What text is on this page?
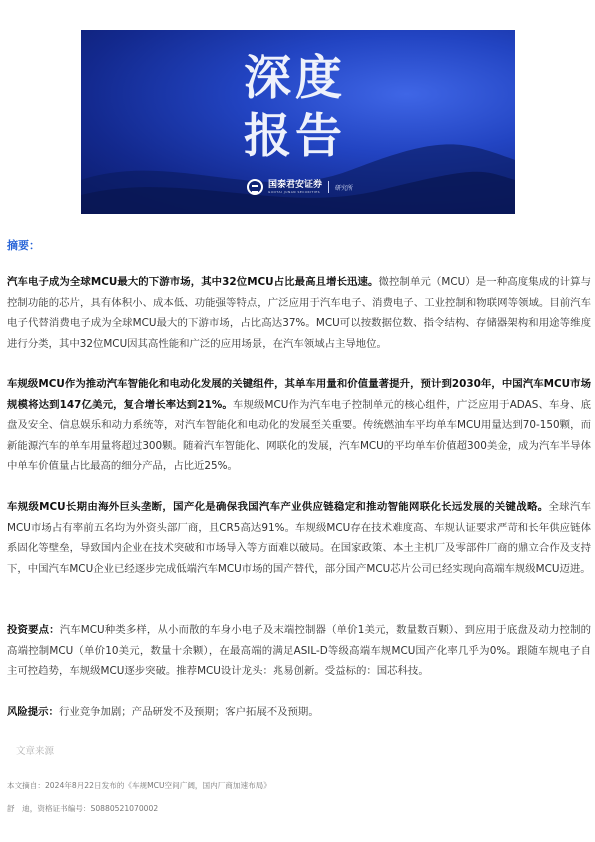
深度
报告
国泰君安证券
GUOTAI JUNAN SECURITIES
研究所
摘要：

汽车电子成为全球MCU最大的下游市场，其中32位MCU占比最高且增长迅速。微控制单元（MCU）是一种高度集成的计算与控制功能的芯片，具有体积小、成本低、功能强等特点，广泛应用于汽车电子、消费电子、工业控制和物联网等领域。目前汽车电子代替消费电子成为全球MCU最大的下游市场，占比高达37%。MCU可以按数据位数、指令结构、存储器架构和用途等维度进行分类，其中32位MCU因其高性能和广泛的应用场景，在汽车领域占主导地位。

车规级MCU作为推动汽车智能化和电动化发展的关键组件，其单车用量和价值量著提升，预计到2030年，中国汽车MCU市场规模将达到147亿美元，复合增长率达到21%。车规级MCU作为汽车电子控制单元的核心组件，广泛应用于ADAS、车身、底盘及安全、信息娱乐和动力系统等，对汽车智能化和电动化的发展至关重要。传统燃油车平均单车MCU用量达到70-150颗，而新能源汽车的单车用量将超过300颗。随着汽车智能化、网联化的发展，汽车MCU的平均单车价值超300美金，成为汽车半导体中单车价值量占比最高的细分产品，占比近25%。

车规级MCU长期由海外巨头垄断，国产化是确保我国汽车产业供应链稳定和推动智能网联化长远发展的关键战略。全球汽车MCU市场占有率前五名均为外资头部厂商，且CR5高达91%。车规级MCU存在技术难度高、车规认证要求严苛和长年供应链体系固化等壁垒，导致国内企业在技术突破和市场导入等方面难以破局。在国家政策、本土主机厂及零部件厂商的鼎立合作及支持下，中国汽车MCU企业已经逐步完成低端汽车MCU市场的国产替代，部分国产MCU芯片公司已经实现向高端车规级MCU迈进。

投资要点：汽车MCU种类多样，从小而散的车身小电子及末端控制器（单价1美元，数量数百颗）、到应用于底盘及动力控制的高端控制MCU（单价10美元，数量十余颗），在最高端的满足ASIL-D等级高端车规MCU国产化率几乎为0%。跟随车规电子自主可控趋势，车规级MCU逐步突破。推荐MCU设计龙头：兆易创新。受益标的：国芯科技。

风险提示：行业竞争加剧；产品研发不及预期；客户拓展不及预期。

文章来源
本文摘自：2024年8月22日发布的《车规MCU空间广阔，国内厂商加速布局》
舒　迪，资格证书编号：S0880521070002
